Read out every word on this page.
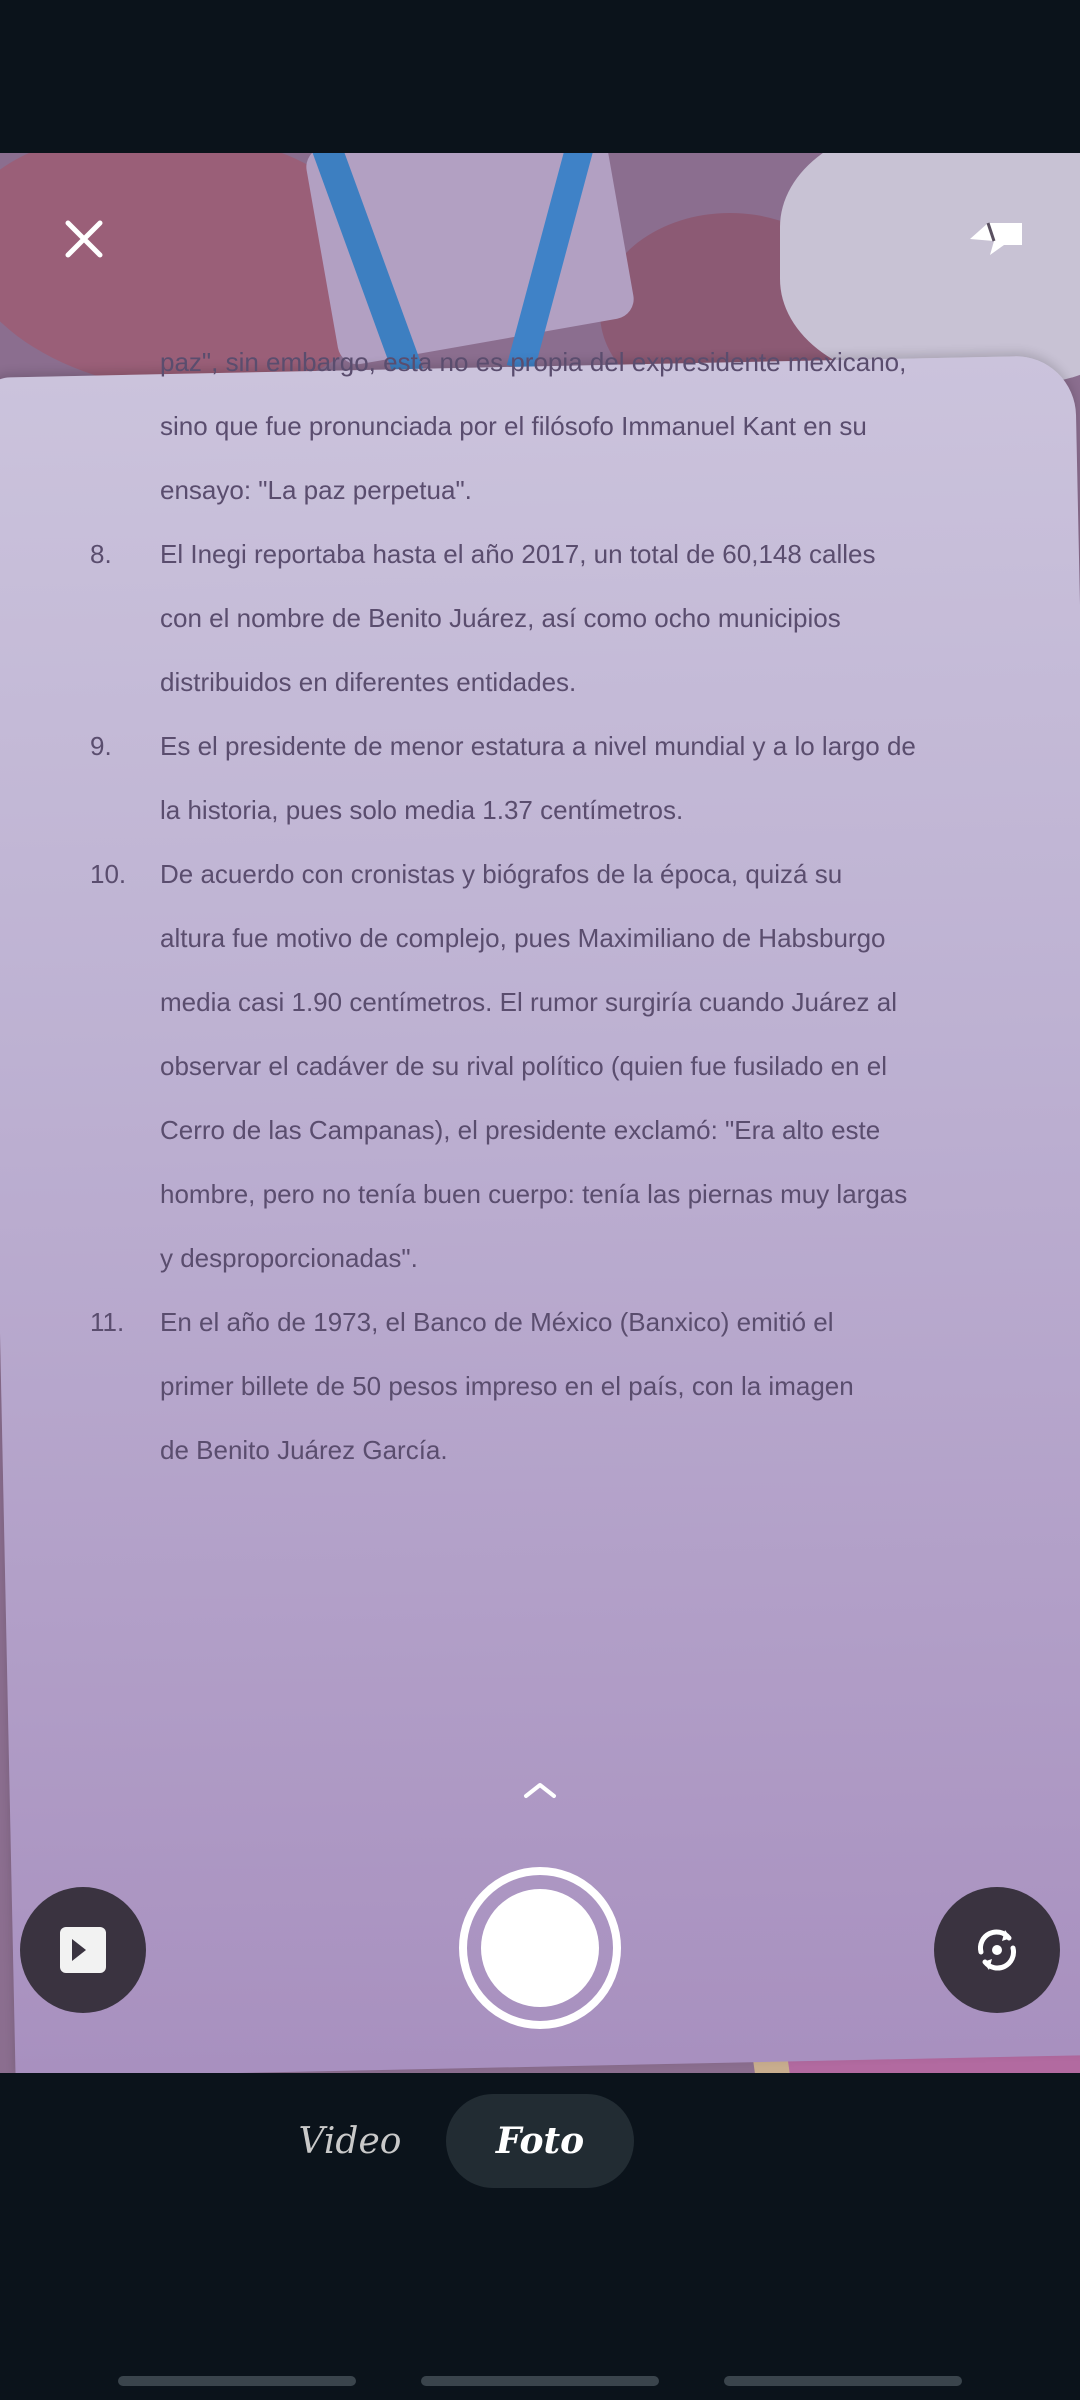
paz", sin embargo, esta no es propia del expresidente mexicano,
sino que fue pronunciada por el filósofo Immanuel Kant en su
ensayo: "La paz perpetua".
8. El Inegi reportaba hasta el año 2017, un total de 60,148 calles
con el nombre de Benito Juárez, así como ocho municipios
distribuidos en diferentes entidades.
9. Es el presidente de menor estatura a nivel mundial y a lo largo de
la historia, pues solo media 1.37 centímetros.
10. De acuerdo con cronistas y biógrafos de la época, quizá su
altura fue motivo de complejo, pues Maximiliano de Habsburgo
media casi 1.90 centímetros. El rumor surgiría cuando Juárez al
observar el cadáver de su rival político (quien fue fusilado en el
Cerro de las Campanas), el presidente exclamó: "Era alto este
hombre, pero no tenía buen cuerpo: tenía las piernas muy largas
y desproporcionadas".
11. En el año de 1973, el Banco de México (Banxico) emitió el
primer billete de 50 pesos impreso en el país, con la imagen
de Benito Juárez García.
Video	Foto
